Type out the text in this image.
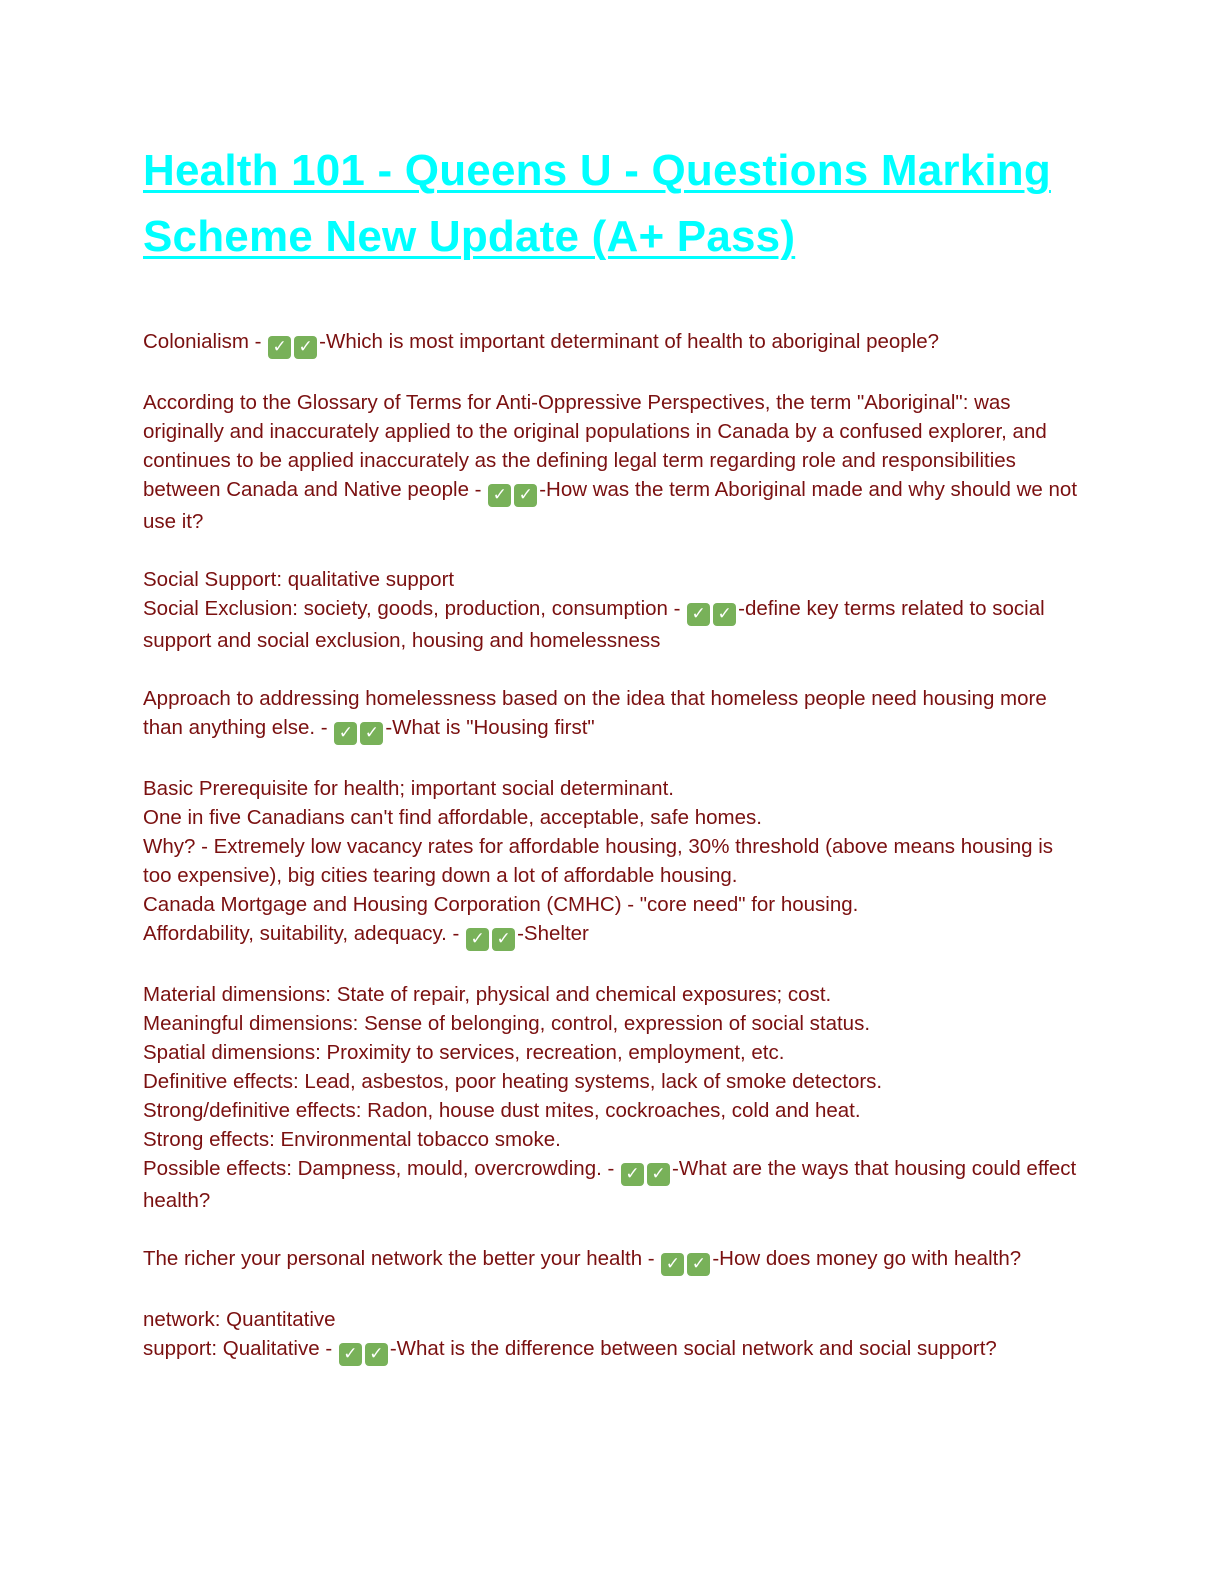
Health 101 - Queens U - Questions Marking Scheme New Update (A+ Pass)

Colonialism - ✓ ✓ -Which is most important determinant of health to aboriginal people?

According to the Glossary of Terms for Anti-Oppressive Perspectives, the term "Aboriginal": was originally and inaccurately applied to the original populations in Canada by a confused explorer, and continues to be applied inaccurately as the defining legal term regarding role and responsibilities between Canada and Native people - ✓ ✓ -How was the term Aboriginal made and why should we not use it?

Social Support: qualitative support
Social Exclusion: society, goods, production, consumption - ✓ ✓ -define key terms related to social support and social exclusion, housing and homelessness

Approach to addressing homelessness based on the idea that homeless people need housing more than anything else. - ✓ ✓ -What is "Housing first"

Basic Prerequisite for health; important social determinant.
One in five Canadians can't find affordable, acceptable, safe homes.
Why? - Extremely low vacancy rates for affordable housing, 30% threshold (above means housing is too expensive), big cities tearing down a lot of affordable housing.
Canada Mortgage and Housing Corporation (CMHC) - "core need" for housing.
Affordability, suitability, adequacy. - ✓ ✓ -Shelter

Material dimensions: State of repair, physical and chemical exposures; cost.
Meaningful dimensions: Sense of belonging, control, expression of social status.
Spatial dimensions: Proximity to services, recreation, employment, etc.
Definitive effects: Lead, asbestos, poor heating systems, lack of smoke detectors.
Strong/definitive effects: Radon, house dust mites, cockroaches, cold and heat.
Strong effects: Environmental tobacco smoke.
Possible effects: Dampness, mould, overcrowding. - ✓ ✓ -What are the ways that housing could effect health?

The richer your personal network the better your health - ✓ ✓ -How does money go with health?

network: Quantitative
support: Qualitative - ✓ ✓ -What is the difference between social network and social support?
